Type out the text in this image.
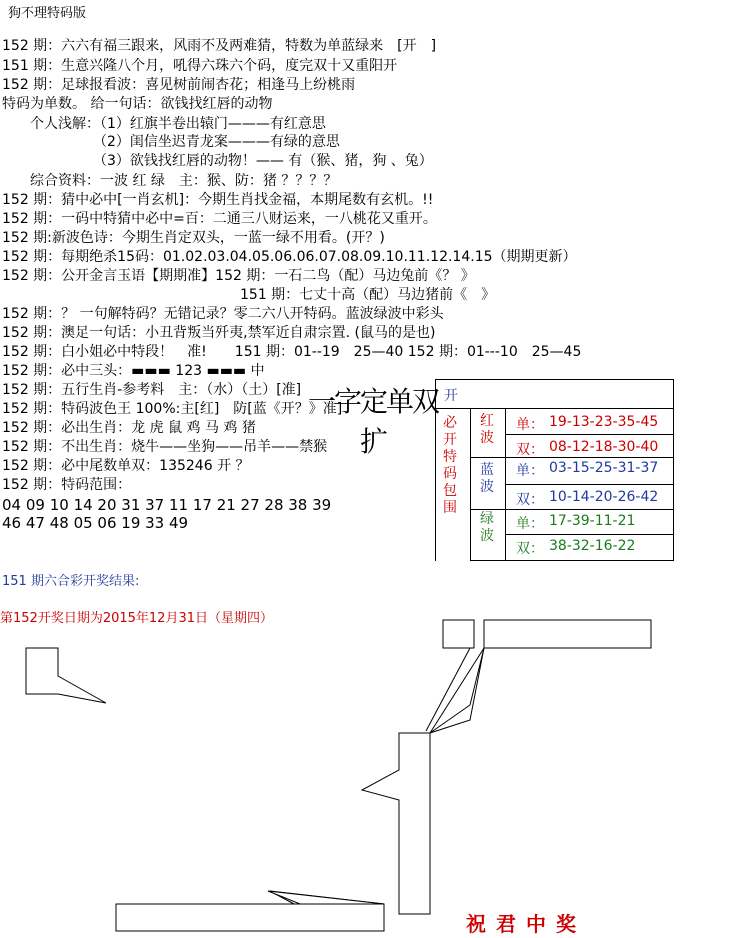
狗不理特码版
152 期：六六有福三跟来，风雨不及两难猜，特数为单蓝绿来　[开　]
151 期：生意兴隆八个月，吼得六珠六个码，度完双十又重阳开
152 期：足球报看波：喜见树前闹杏花；相逢马上纷桃雨
特码为单数。 给一句话：欲钱找红唇的动物
　　个人浅解：（1）红旗半卷出辕门———有红意思
　　　　　　　（2）闺信坐迟青龙案———有绿的意思
　　　　　　　（3）欲钱找红唇的动物！—— 有（猴、猪，狗 、兔）
　　综合资料：一波 红 绿　主：猴、防：猪 ？？？？
152 期：猜中必中[一肖玄机]：今期生肖找金福，本期尾数有玄机。!!
152 期：一码中特猜中必中=百：二通三八财运来，一八桃花又重开。
152 期:新波色诗：今期生肖定双头，一蓝一绿不用看。(开？)
152 期：每期绝杀15码：01.02.03.04.05.06.06.07.08.09.10.11.12.14.15（期期更新）
152 期：公开金言玉语【期期准】152 期：一石二鸟（配）马边兔前《？ 》
　　　　　　　　　　　　　　　　　151 期：七丈十高（配）马边猪前《　》
152 期：？ 一句解特码？无错记录？零二六八开特码。蓝波绿波中彩头
152 期：澳足一句话：小丑背叛当歼夷,禁军近自肃宗置. (鼠马的是也)
152 期：白小姐必中特段！　准!　　151 期：01--19　25—40 152 期：01---10　25—45
152 期：必中三头：▬▬▬ 123 ▬▬▬ 中
152 期：五行生肖-参考料　主：（水）（土）[准]
152 期：特码波色王 100%:主[红]　防[蓝《开？》准]
152 期：必出生肖：龙 虎 鼠 鸡 马 鸡 猪
152 期：不出生肖：烧牛——坐狗——吊羊——禁猴
152 期：必中尾数单双：135246 开 ？
152 期：特码范围：
04 09 10 14 20 31 37 11 17 21 27 28 38 39
46 47 48 05 06 19 33 49
一字定单双
扩
开
必开特码包围
红波
单： 19-13-23-35-45
双： 08-12-18-30-40
蓝波
单： 03-15-25-31-37
双： 10-14-20-26-42
绿波
单： 17-39-11-21
双： 38-32-16-22
151 期六合彩开奖结果:
第152开奖日期为2015年12月31日（星期四）
祝君中奖
